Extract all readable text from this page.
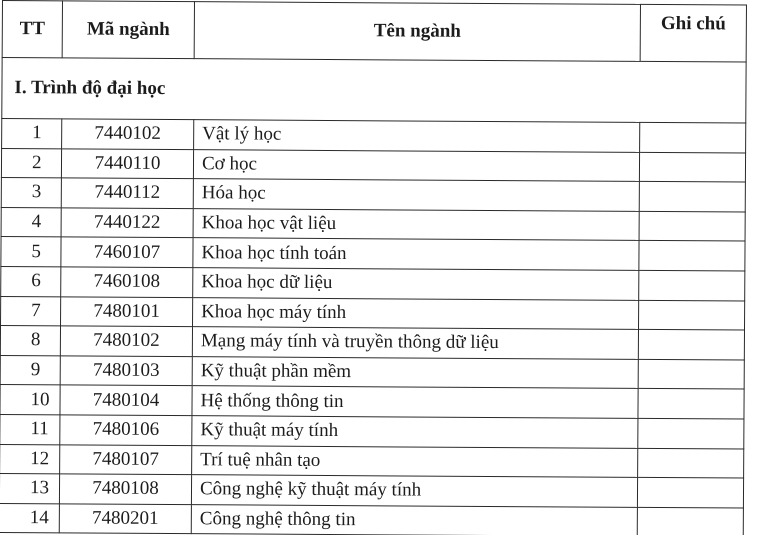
TT	Mã ngành	Tên ngành	Ghi chú
I. Trình độ đại học			
1	7440102	Vật lý học	
2	7440110	Cơ học	
3	7440112	Hóa học	
4	7440122	Khoa học vật liệu	
5	7460107	Khoa học tính toán	
6	7460108	Khoa học dữ liệu	
7	7480101	Khoa học máy tính	
8	7480102	Mạng máy tính và truyền thông dữ liệu	
9	7480103	Kỹ thuật phần mềm	
10	7480104	Hệ thống thông tin	
11	7480106	Kỹ thuật máy tính	
12	7480107	Trí tuệ nhân tạo	
13	7480108	Công nghệ kỹ thuật máy tính	
14	7480201	Công nghệ thông tin	
